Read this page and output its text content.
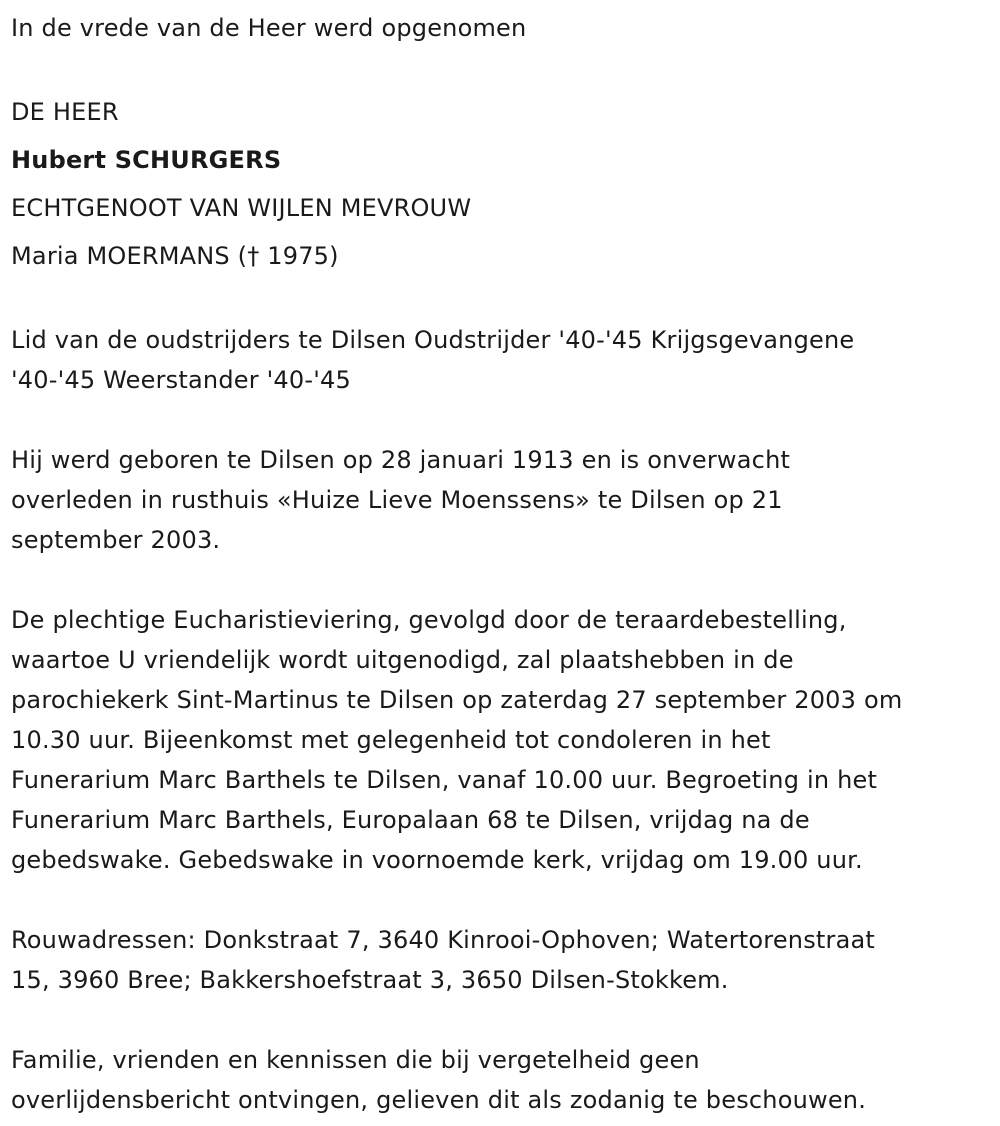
In de vrede van de Heer werd opgenomen

DE HEER

Hubert SCHURGERS

ECHTGENOOT VAN WIJLEN MEVROUW

Maria MOERMANS († 1975)

Lid van de oudstrijders te Dilsen Oudstrijder '40-'45 Krijgsgevangene

'40-'45 Weerstander '40-'45

Hij werd geboren te Dilsen op 28 januari 1913 en is onverwacht

overleden in rusthuis «Huize Lieve Moenssens» te Dilsen op 21

september 2003.

De plechtige Eucharistieviering, gevolgd door de teraardebestelling,

waartoe U vriendelijk wordt uitgenodigd, zal plaatshebben in de

parochiekerk Sint-Martinus te Dilsen op zaterdag 27 september 2003 om

10.30 uur. Bijeenkomst met gelegenheid tot condoleren in het

Funerarium Marc Barthels te Dilsen, vanaf 10.00 uur. Begroeting in het

Funerarium Marc Barthels, Europalaan 68 te Dilsen, vrijdag na de

gebedswake. Gebedswake in voornoemde kerk, vrijdag om 19.00 uur.

Rouwadressen: Donkstraat 7, 3640 Kinrooi-Ophoven; Watertorenstraat

15, 3960 Bree; Bakkershoefstraat 3, 3650 Dilsen-Stokkem.

Familie, vrienden en kennissen die bij vergetelheid geen

overlijdensbericht ontvingen, gelieven dit als zodanig te beschouwen.
